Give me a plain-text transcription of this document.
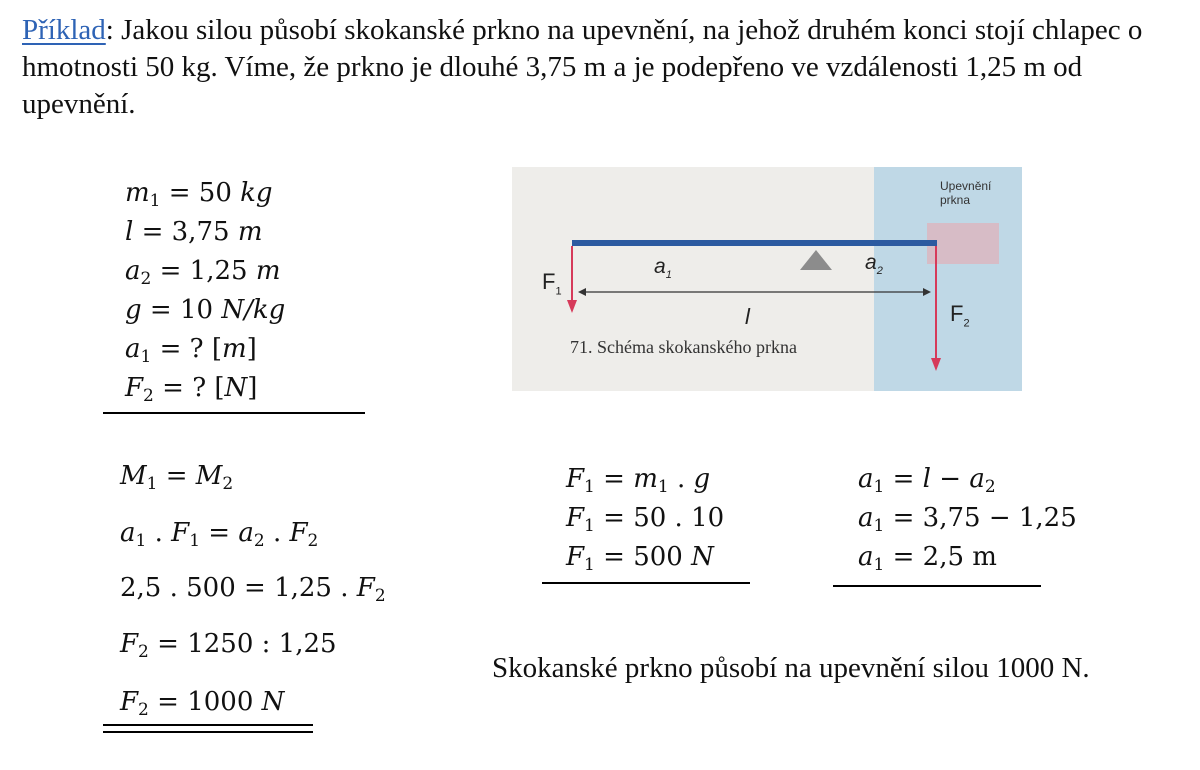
Příklad: Jakou silou působí skokanské prkno na upevnění, na jehož druhém konci stojí chlapec o hmotnosti 50 kg. Víme, že prkno je dlouhé 3,75 m a je podepřeno ve vzdálenosti 1,25 m od upevnění.

$m_1 = 50$ kg
l = 3,75 m
$a_2 = 1,25$ m
g = 10 N/kg
$a_1$ = ? [m]
$F_2$ = ? [N]
Upevnění
prkna
$F_1$
$a_1$
$a_2$
l	$F_2$
71. Schéma skokanského prkna
$M_1 = M_2$
$a_1$ . $F_1 = a_2$ . $F_2$
2,5 . 500 = 1,25 . $F_2$
$F_2 = 1250$ : 1,25
$F_2 = 1000$ N
$F_1 = m_1$ . g
$F_1 = 50$ . 10
$F_1 = 500$ N
$a_1 = l - a_2$
$a_1 = 3,75 - 1,25$
$a_1 = 2,5$ m
Skokanské prkno působí na upevnění silou 1000 N.
